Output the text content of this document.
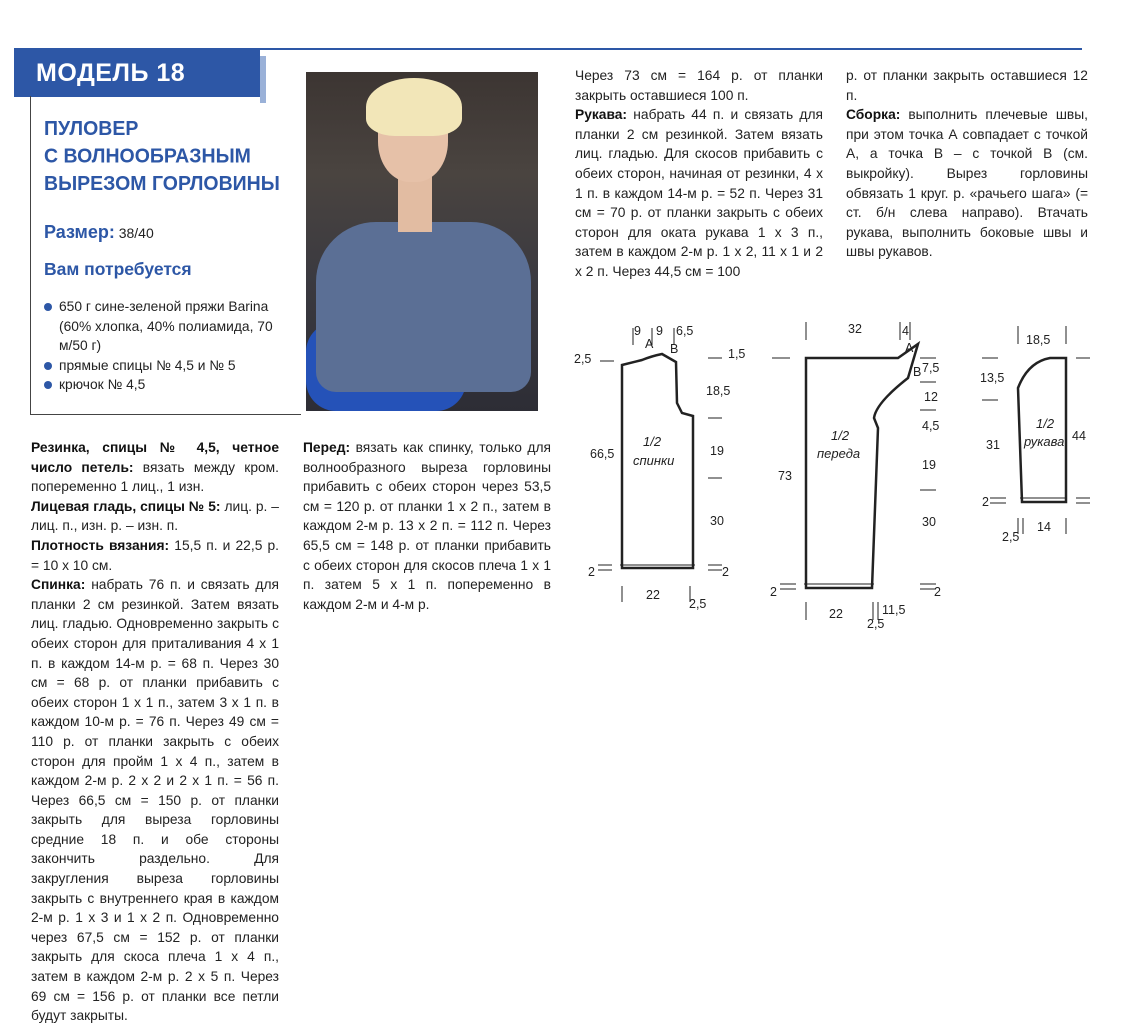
МОДЕЛЬ 18
ПУЛОВЕР
С ВОЛНООБРАЗНЫМ
ВЫРЕЗОМ ГОРЛОВИНЫ
Размер: 38/40
Вам потребуется
650 г сине-зеленой пряжи Barina (60% хлопка, 40% полиамида, 70 м/50 г)
прямые спицы № 4,5 и № 5
крючок № 4,5

Резинка, спицы № 4,5, четное число петель: вязать между кром. попеременно 1 лиц., 1 изн.

Лицевая гладь, спицы № 5: лиц. р. – лиц. п., изн. р. – изн. п.

Плотность вязания: 15,5 п. и 22,5 р. = 10 х 10 см.

Спинка: набрать 76 п. и связать для планки 2 см резинкой. Затем вязать лиц. гладью. Одновременно закрыть с обеих сторон для приталивания 4 х 1 п. в каждом 14-м р. = 68 п. Через 30 см = 68 р. от планки прибавить с обеих сторон 1 х 1 п., затем 3 х 1 п. в каждом 10-м р. = 76 п. Через 49 см = 110 р. от планки закрыть с обеих сторон для пройм 1 х 4 п., затем в каждом 2-м р. 2 х 2 и 2 х 1 п. = 56 п. Через 66,5 см = 150 р. от планки закрыть для выреза горловины средние 18 п. и обе стороны закончить раздельно. Для закругления выреза горловины закрыть с внутреннего края в каждом 2-м р. 1 х 3 и 1 х 2 п. Одновременно через 67,5 см = 152 р. от планки закрыть для скоса плеча 1 х 4 п., затем в каждом 2-м р. 2 х 5 п. Через 69 см = 156 р. от планки все петли будут закрыты.

Перед: вязать как спинку, только для волнообразного выреза горловины прибавить с обеих сторон через 53,5 см = 120 р. от планки 1 х 2 п., затем в каждом 2-м р. 13 х 2 п. = 112 п. Через 65,5 см = 148 р. от планки прибавить с обеих сторон для скосов плеча 1 х 1 п. затем 5 х 1 п. попеременно в каждом 2-м и 4-м р.

Через 73 см = 164 р. от планки закрыть оставшиеся 100 п.

Рукава: набрать 44 п. и связать для планки 2 см резинкой. Затем вязать лиц. гладью. Для скосов прибавить с обеих сторон, начиная от резинки, 4 х 1 п. в каждом 14-м р. = 52 п. Через 31 см = 70 р. от планки закрыть с обеих сторон для оката рукава 1 х 3 п., затем в каждом 2-м р. 1 х 2, 11 х 1 и 2 х 2 п. Через 44,5 см = 100

р. от планки закрыть оставшиеся 12 п.

Сборка: выполнить плечевые швы, при этом точка А совпадает с точкой А, а точка В – с точкой В (см. выкройку). Вырез горловины обвязать 1 круг. р. «рачьего шага» (= ст. б/н слева направо). Втачать рукава, выполнить боковые швы и швы рукавов.

9 9 6,5
A B
2,5
66,5
1,5
18,5
19
30
2
2
1/2
спинки
22
2,5
32	4
A
B
73
7,5
12
4,5
19
30
2
2
1/2
переда
22	11,5
2,5
18,5
13,5
31
2
44
1/2
рукава
2,5
14
